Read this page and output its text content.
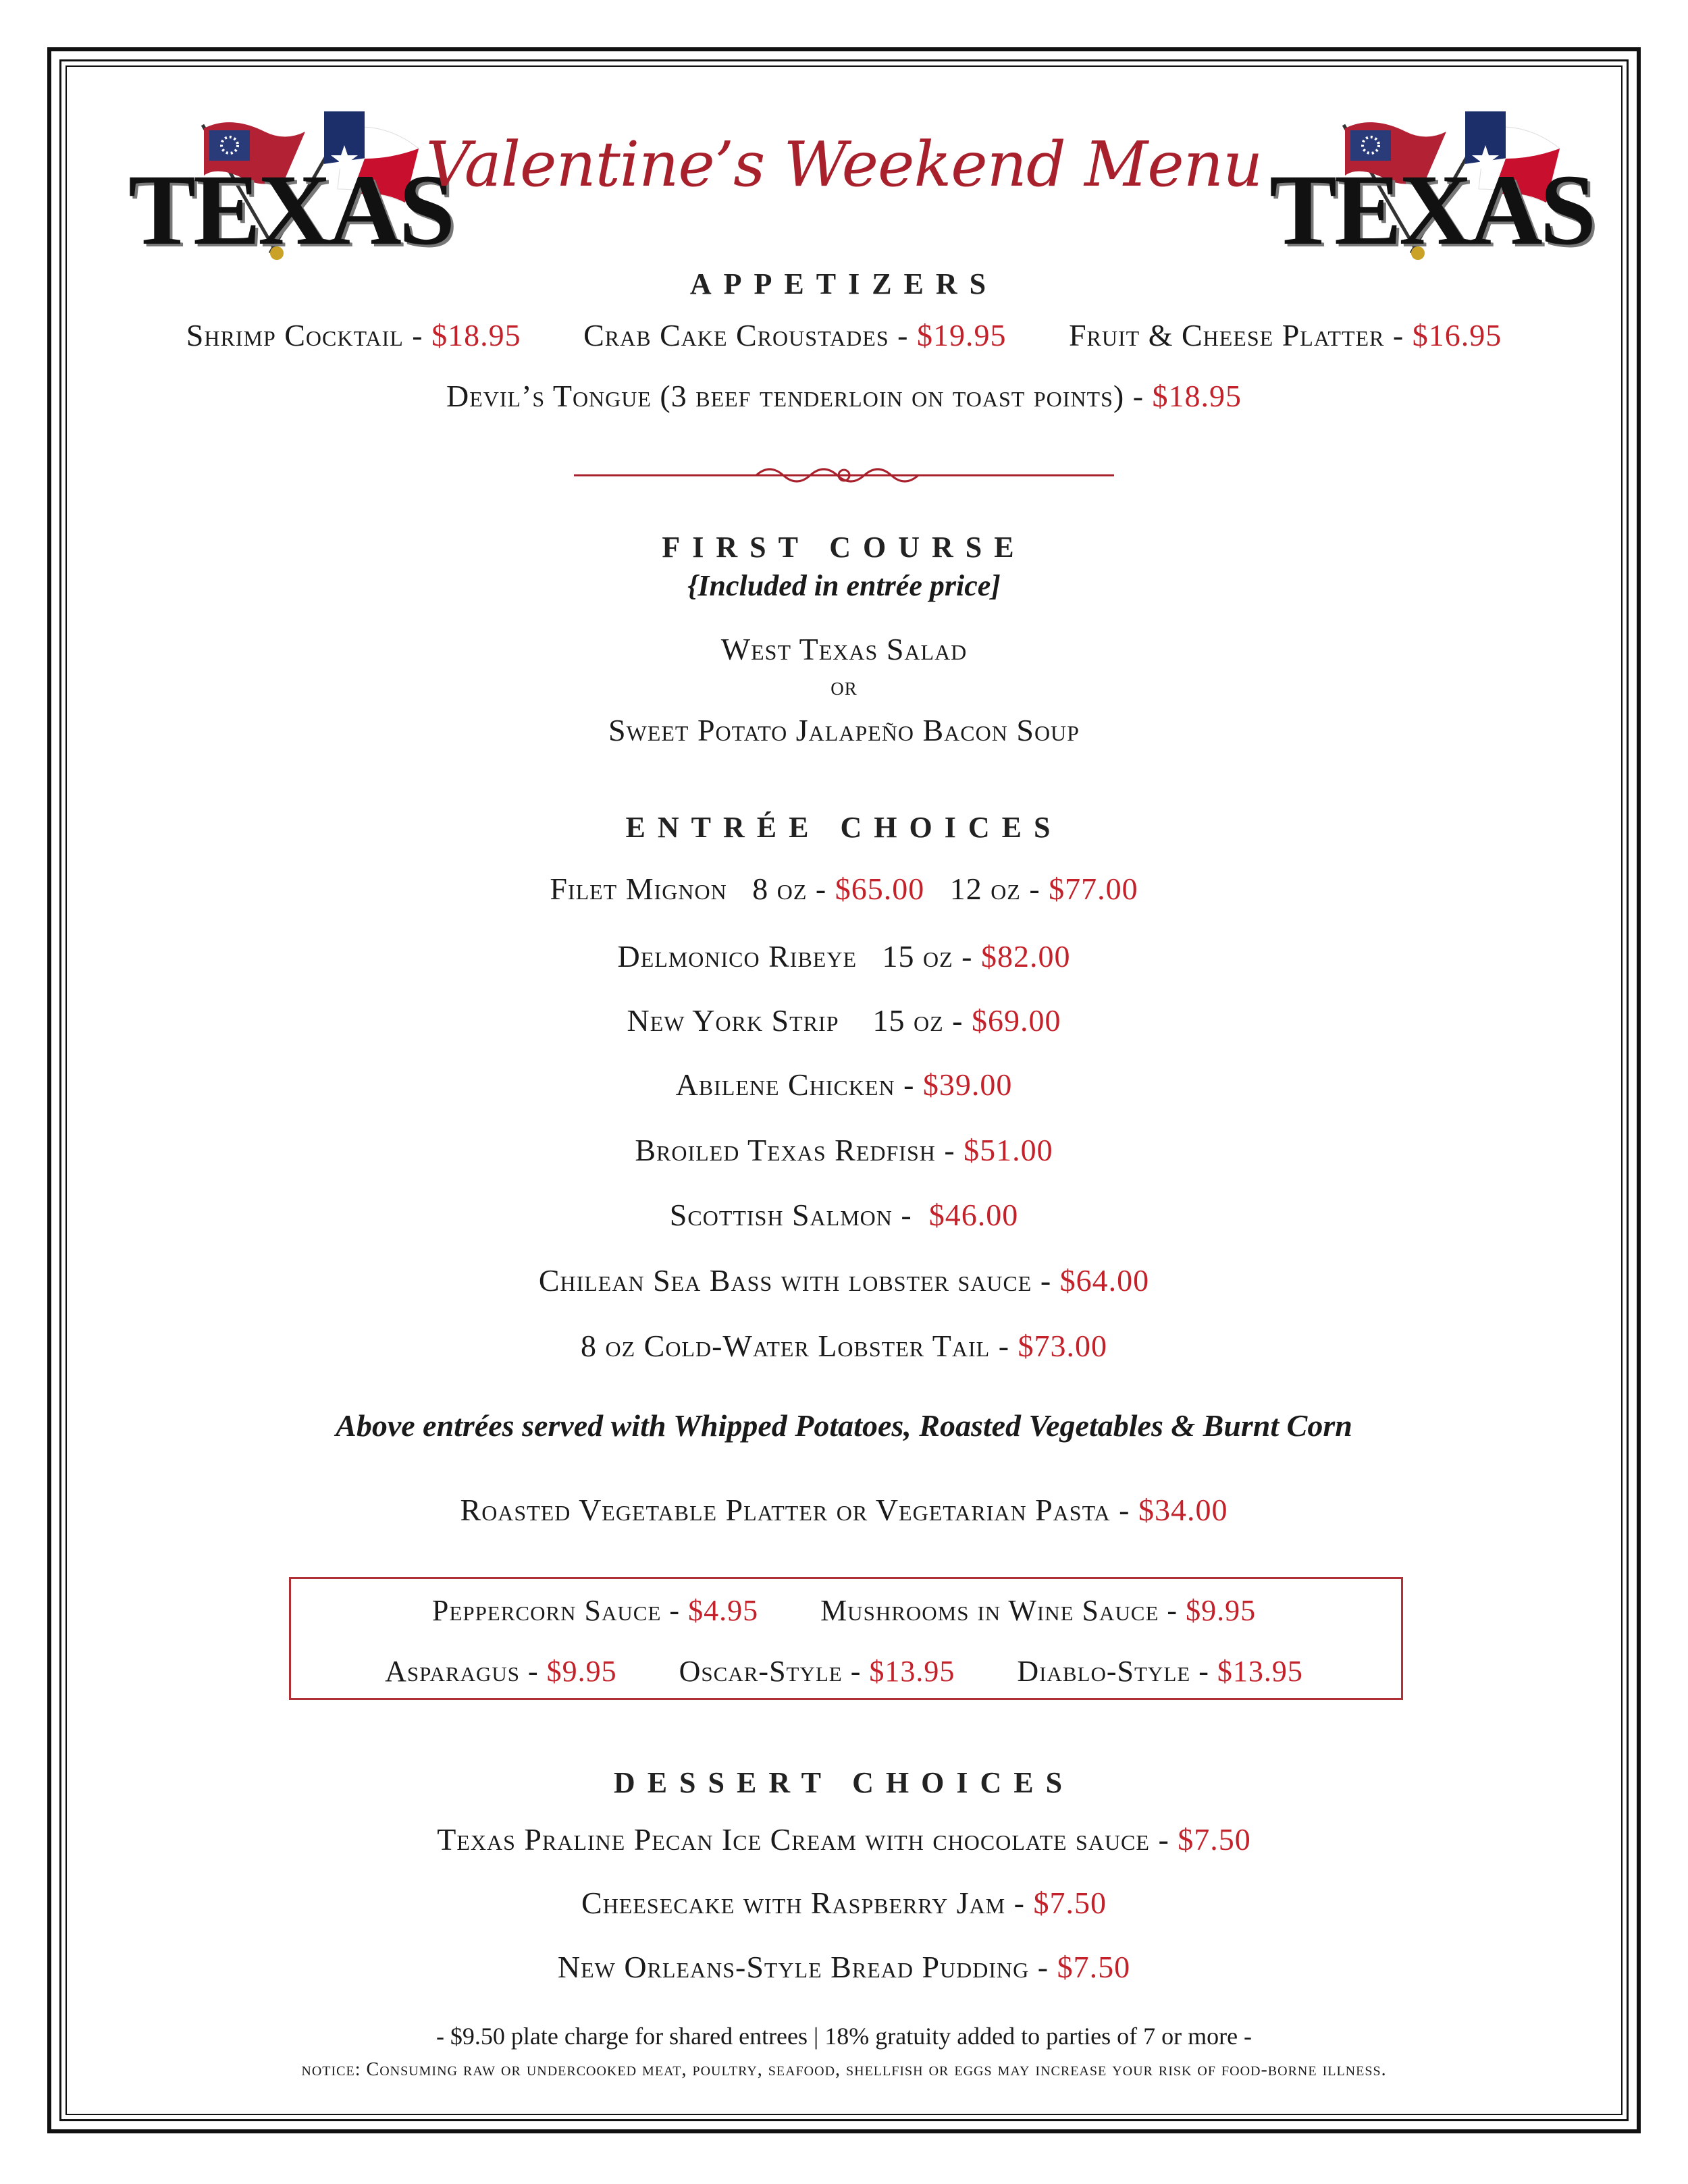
TEXAS	TEXAS
Valentine’s Weekend Menu
APPETIZERS
Shrimp Cocktail - $18.95 Crab Cake Croustades - $19.95 Fruit & Cheese Platter - $16.95
Devil’s Tongue (3 beef tenderloin on toast points) - $18.95
FIRST COURSE
{Included in entrée price]
West Texas Salad
or
Sweet Potato Jalapeño Bacon Soup
ENTRÉE CHOICES
Filet Mignon   8 oz - $65.00   12 oz - $77.00
Delmonico Ribeye   15 oz - $82.00
New York Strip    15 oz - $69.00
Abilene Chicken - $39.00
Broiled Texas Redfish - $51.00
Scottish Salmon -  $46.00
Chilean Sea Bass with lobster sauce - $64.00
8 oz Cold-Water Lobster Tail - $73.00
Above entrées served with Whipped Potatoes, Roasted Vegetables & Burnt Corn
Roasted Vegetable Platter or Vegetarian Pasta - $34.00
Peppercorn Sauce - $4.95 Mushrooms in Wine Sauce - $9.95
Asparagus - $9.95 Oscar-Style - $13.95 Diablo-Style - $13.95
DESSERT CHOICES
Texas Praline Pecan Ice Cream with chocolate sauce - $7.50
Cheesecake with Raspberry Jam - $7.50
New Orleans-Style Bread Pudding - $7.50
- $9.50 plate charge for shared entrees | 18% gratuity added to parties of 7 or more -
notice: Consuming raw or undercooked meat, poultry, seafood, shellfish or eggs may increase your risk of food-borne illness.
